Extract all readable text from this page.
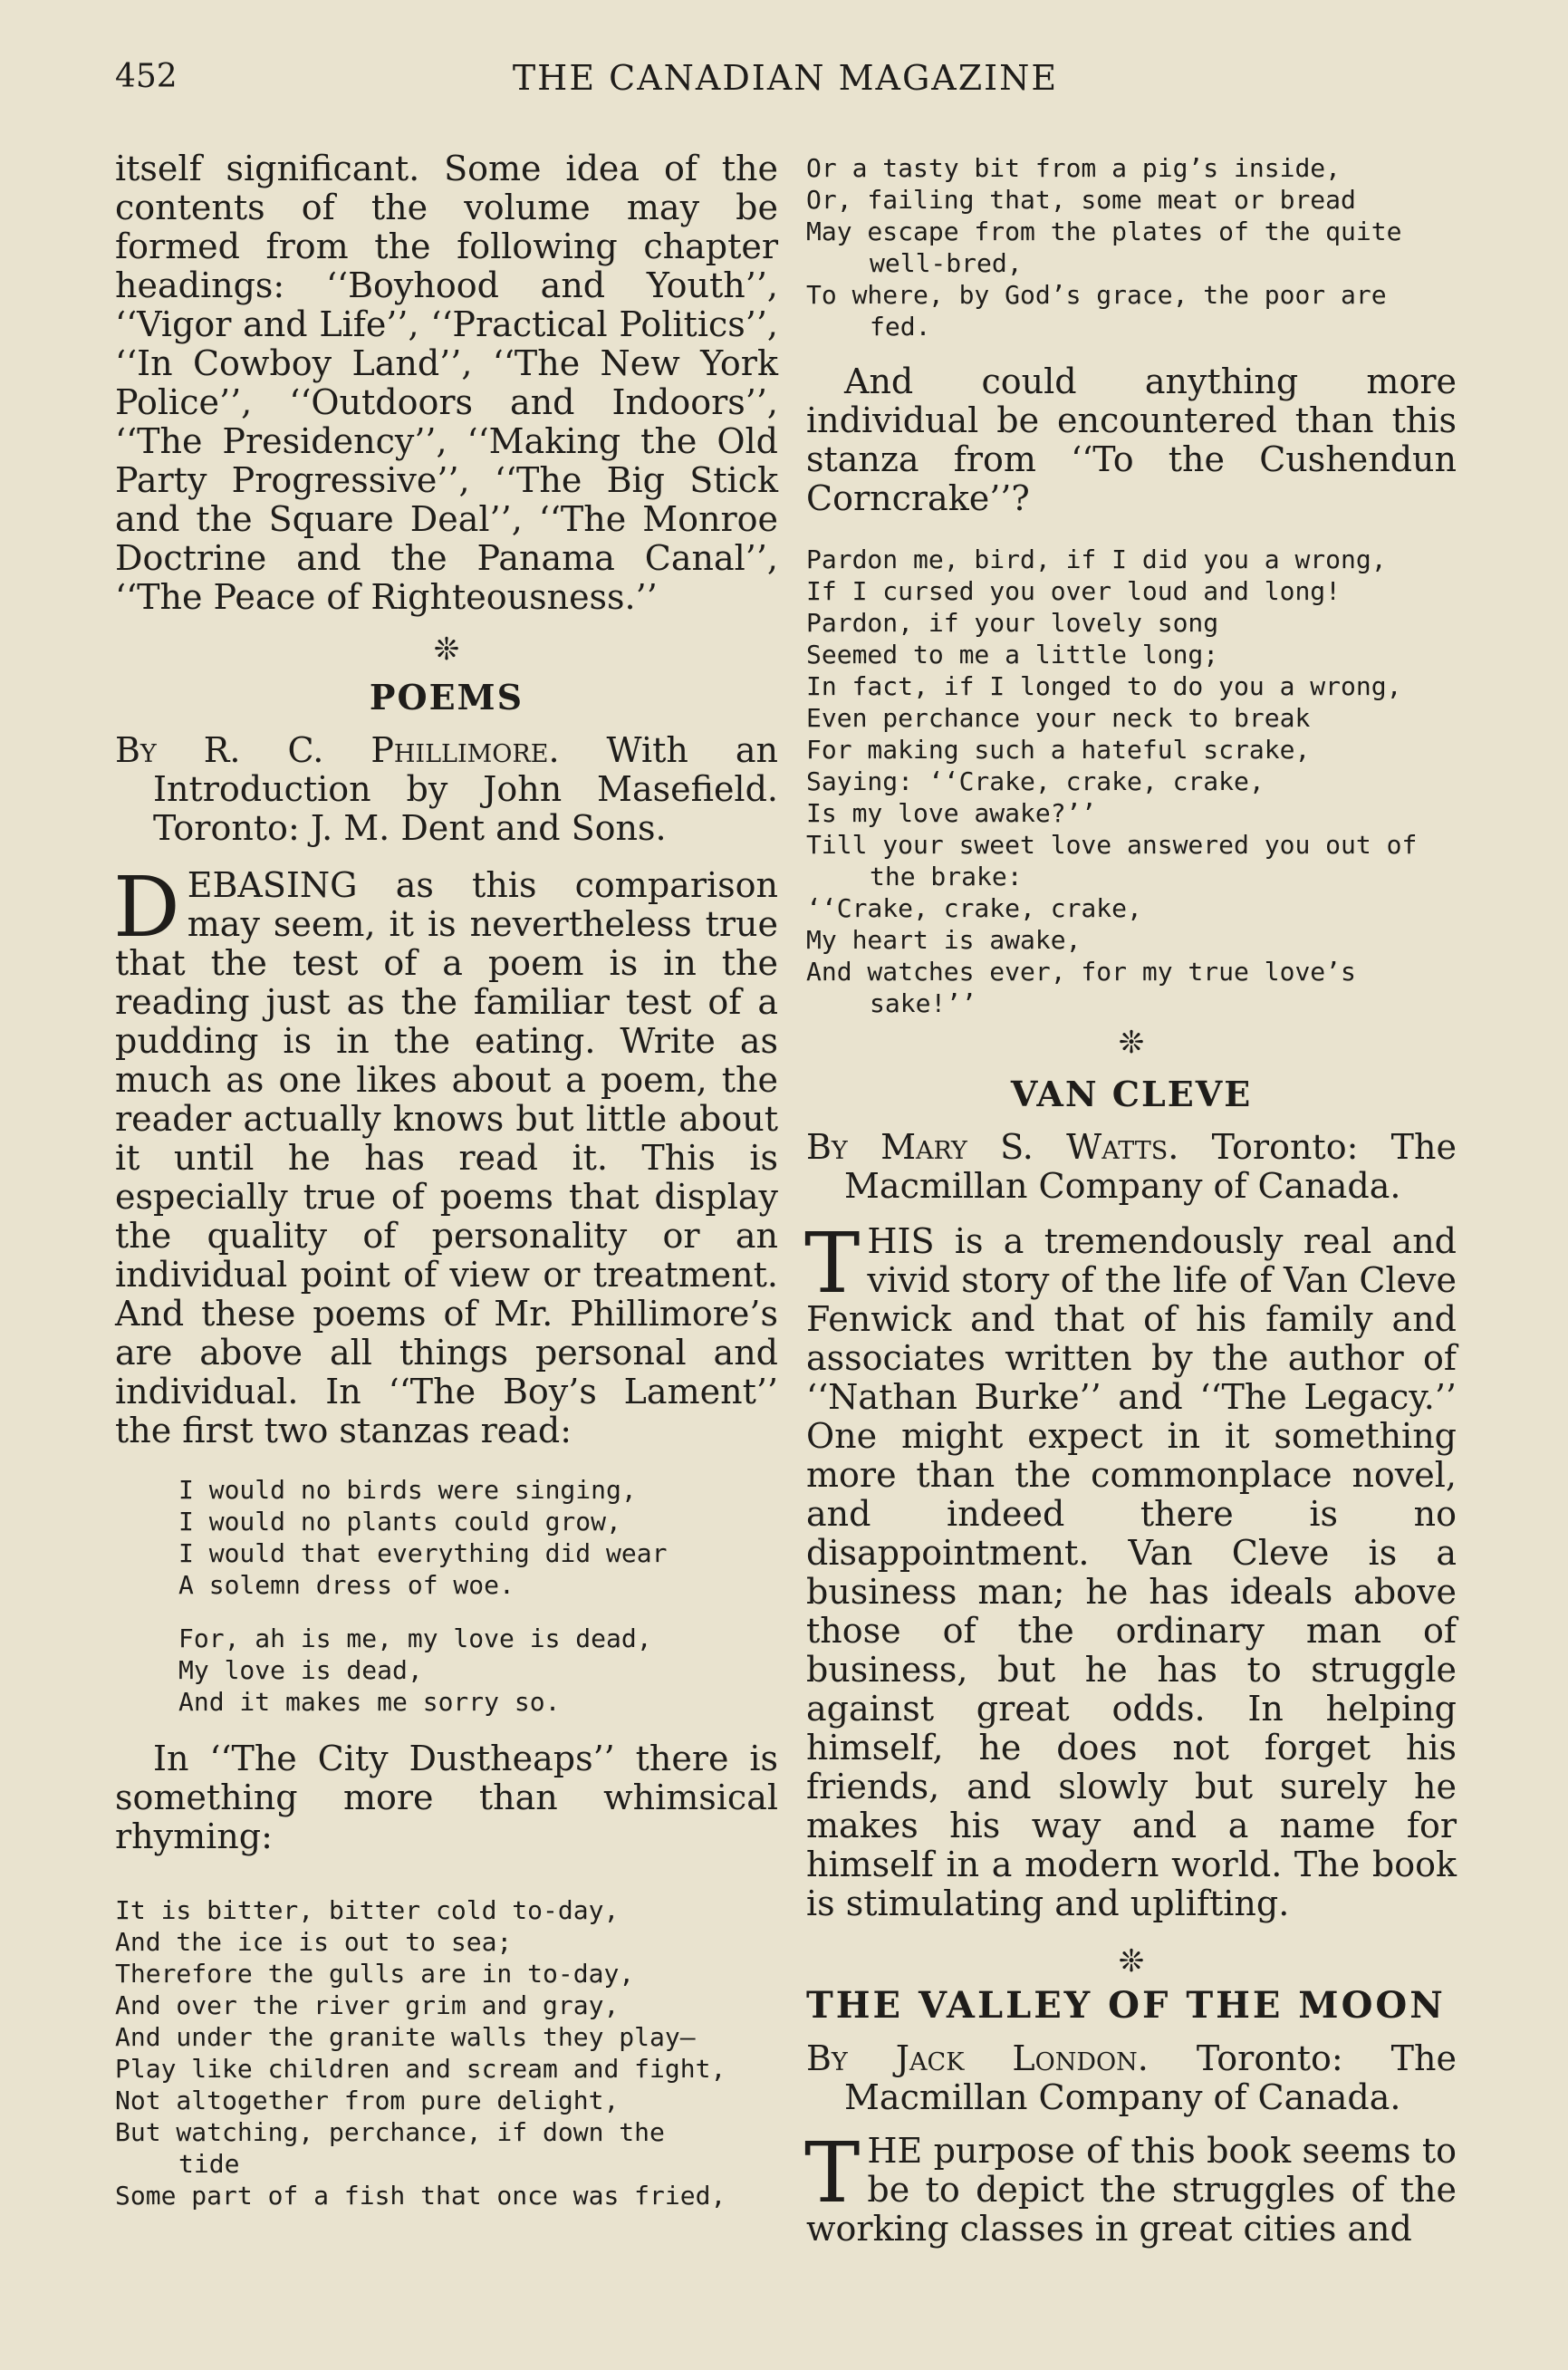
452	THE CANADIAN MAGAZINE

itself significant. Some idea of the contents of the volume may be formed from the following chapter headings: ‘‘Boyhood and Youth’’, ‘‘Vigor and Life’’, ‘‘Practical Politics’’, ‘‘In Cowboy Land’’, ‘‘The New York Police’’, ‘‘Outdoors and Indoors’’, ‘‘The Presidency’’, ‘‘Making the Old Party Progressive’’, ‘‘The Big Stick and the Square Deal’’, ‘‘The Monroe Doctrine and the Panama Canal’’, ‘‘The Peace of Righteousness.’’

❊
POEMS

By R. C. Phillimore. With an Introduction by John Masefield. Toronto: J. M. Dent and Sons.

DEBASING as this comparison may seem, it is nevertheless true that the test of a poem is in the reading just as the familiar test of a pudding is in the eating. Write as much as one likes about a poem, the reader actually knows but little about it until he has read it. This is especially true of poems that display the quality of personality or an individual point of view or treatment. And these poems of Mr. Phillimore’s are above all things personal and individual. In ‘‘The Boy’s Lament’’ the first two stanzas read:

I would no birds were singing,
I would no plants could grow,
I would that everything did wear
A solemn dress of woe.
For, ah is me, my love is dead,
My love is dead,
And it makes me sorry so.

In ‘‘The City Dustheaps’’ there is something more than whimsical rhyming:

It is bitter, bitter cold to-day,
And the ice is out to sea;
Therefore the gulls are in to-day,
And over the river grim and gray,
And under the granite walls they play—
Play like children and scream and fight,
Not altogether from pure delight,
But watching, perchance, if down the
tide
Some part of a fish that once was fried,
Or a tasty bit from a pig’s inside,
Or, failing that, some meat or bread
May escape from the plates of the quite
well-bred,
To where, by God’s grace, the poor are
fed.

And could anything more individual be encountered than this stanza from ‘‘To the Cushendun Corncrake’’?

Pardon me, bird, if I did you a wrong,
If I cursed you over loud and long!
Pardon, if your lovely song
Seemed to me a little long;
In fact, if I longed to do you a wrong,
Even perchance your neck to break
For making such a hateful scrake,
Saying: ‘‘Crake, crake, crake,
Is my love awake?’’
Till your sweet love answered you out of
the brake:
‘‘Crake, crake, crake,
My heart is awake,
And watches ever, for my true love’s
sake!’’
❊
VAN CLEVE

By Mary S. Watts. Toronto: The Macmillan Company of Canada.

THIS is a tremendously real and vivid story of the life of Van Cleve Fenwick and that of his family and associates written by the author of ‘‘Nathan Burke’’ and ‘‘The Legacy.’’ One might expect in it something more than the commonplace novel, and indeed there is no disappointment. Van Cleve is a business man; he has ideals above those of the ordinary man of business, but he has to struggle against great odds. In helping himself, he does not forget his friends, and slowly but surely he makes his way and a name for himself in a modern world. The book is stimulating and uplifting.

❊
THE VALLEY OF THE MOON

By Jack London. Toronto: The Macmillan Company of Canada.

THE purpose of this book seems to be to depict the struggles of the working classes in great cities and
